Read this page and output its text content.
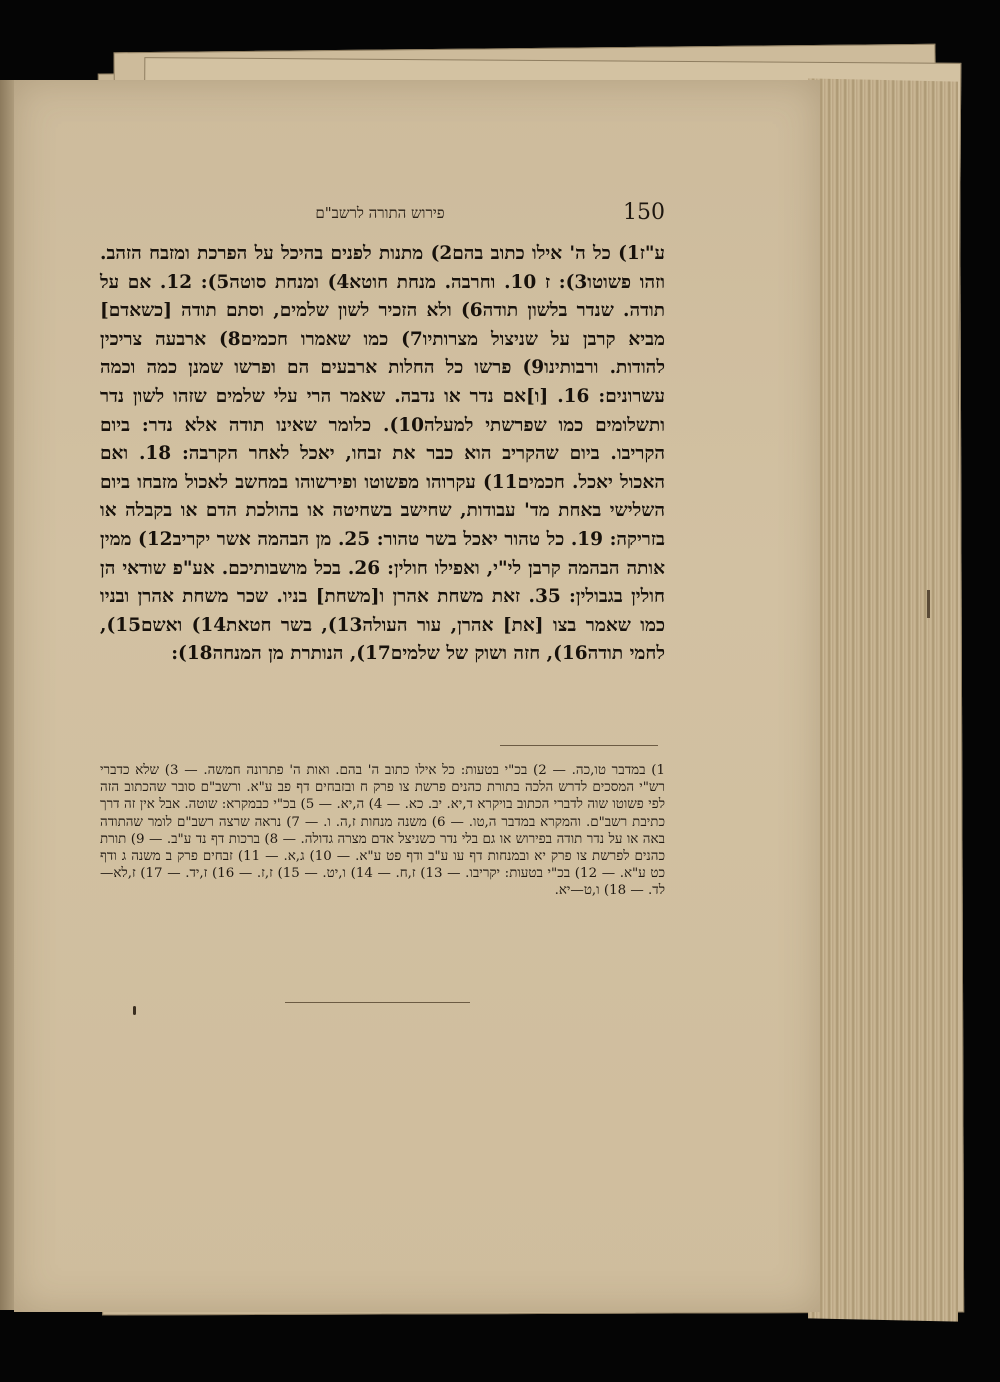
150
פירוש התורה לרשב"ם

ע"ז1) כל ה' אילו כתוב בהם2) מתנות לפנים בהיכל על הפרכת ומזבח הזהב. וזהו פשוטו3): ז 10. וחרבה. מנחת חוטא4) ומנחת סוטה5): 12. אם על תודה. שנדר בלשון תודה6) ולא הזכיר לשון שלמים, וסתם תודה [כשאדם] מביא קרבן על שניצול מצרותיו7) כמו שאמרו חכמים8) ארבעה צריכין להודות. ורבותינו9) פרשו כל החלות ארבעים הם ופרשו שמנן כמה וכמה עשרונים: 16. [ו]אם נדר או נדבה. שאמר הרי עלי שלמים שזהו לשון נדר ותשלומים כמו שפרשתי למעלה10). כלומר שאינו תודה אלא נדר: ביום הקריבו. ביום שהקריב הוא כבר את זבחו, יאכל לאחר הקרבה: 18. ואם האכול יאכל. חכמים11) עקרוהו מפשוטו ופירשוהו במחשב לאכול מזבחו ביום השלישי באחת מד' עבודות, שחישב בשחיטה או בהולכת הדם או בקבלה או בזריקה: 19. כל טהור יאכל בשר טהור: 25. מן הבהמה אשר יקריב12) ממין אותה הבהמה קרבן לי"י, ואפילו חולין: 26. בכל מושבותיכם. אע"פ שודאי הן חולין בגבולין: 35. זאת משחת אהרן ו[משחת] בניו. שכר משחת אהרן ובניו כמו שאמר בצו [את] אהרן, עור העולה13), בשר חטאת14) ואשם15), לחמי תודה16), חזה ושוק של שלמים17), הנותרת מן המנחה18):

1) במדבר טו,כה. — 2) בכ"י בטעות: כל אילו כתוב ה' בהם. ואות ה' פתרונה חמשה. — 3) שלא כדברי רש"י המסכים לדרש הלכה בתורת כהנים פרשת צו פרק ח ובזבחים דף פב ע"א. ורשב"ם סובר שהכתוב הזה לפי פשוטו שוה לדברי הכתוב בויקרא ד,יא. יב. כא. — 4) ה,יא. — 5) בכ"י כבמקרא: שוטה. אבל אין זה דרך כתיבת רשב"ם. והמקרא במדבר ה,טו. — 6) משנה מנחות ז,ה. ו. — 7) נראה שרצה רשב"ם לומר שהתודה באה או על נדר תודה בפירוש או גם בלי נדר כשניצל אדם מצרה גדולה. — 8) ברכות דף נד ע"ב. — 9) תורת כהנים לפרשת צו פרק יא ובמנחות דף עו ע"ב ודף פט ע"א. — 10) ג,א. — 11) זבחים פרק ב משנה ג ודף כט ע"א. — 12) בכ"י בטעות: יקריבו. — 13) ז,ח. — 14) ו,יט. — 15) ז,ז. — 16) ז,יד. — 17) ז,לא—לד. — 18) ו,ט—יא.
